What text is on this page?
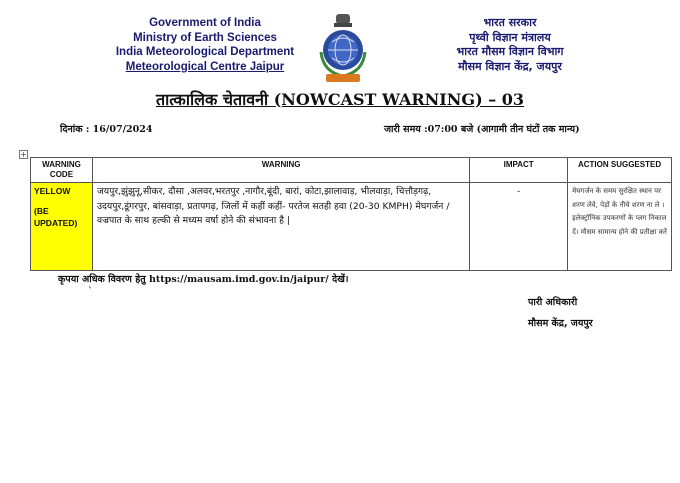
Government of India
Ministry of Earth Sciences
India Meteorological Department
Meteorological Centre Jaipur
भारत सरकार
पृथ्वी विज्ञान मंत्रालय
भारत मौसम विज्ञान विभाग
मौसम विज्ञान केंद्र, जयपुर
तात्कालिक चेतावनी (NOWCAST WARNING) – 03
दिनांक : 16/07/2024	जारी समय :07:00 बजे (आगामी तीन घंटों तक मान्य)
+
WARNING CODE	WARNING	IMPACT	ACTION SUGGESTED

YELLOW
(BE UPDATED)	जयपुर,झुंझुनू,सीकर, दौसा ,अलवर,भरतपुर ,नागौर,बूंदी, बारां, कोटा,झालावाड़, भीलवाड़ा, चित्तौड़गढ़, उदयपुर,डूंगरपुर, बांसवाड़ा, प्रतापगढ़, जिलों में कहीं कहीं- परतेज सतही हवा (20-30 KMPH) मेघगर्जन / वज्रपात के साथ हल्की से मध्यम वर्षा होने की संभावना है |	-	मेघगर्जन के समय सुरक्षित स्थान पर शरण लेवे, पेड़ों के नीचे शरण ना ले । इलेक्ट्रॉनिक उपकरणों के प्लग निकाल दें। मौसम सामान्य होने की प्रतीक्षा करें
कृपया अधिक विवरण हेतु https://mausam.imd.gov.in/jaipur/ देखें।
`
पारी अधिकारी
मौसम केंद्र, जयपुर
